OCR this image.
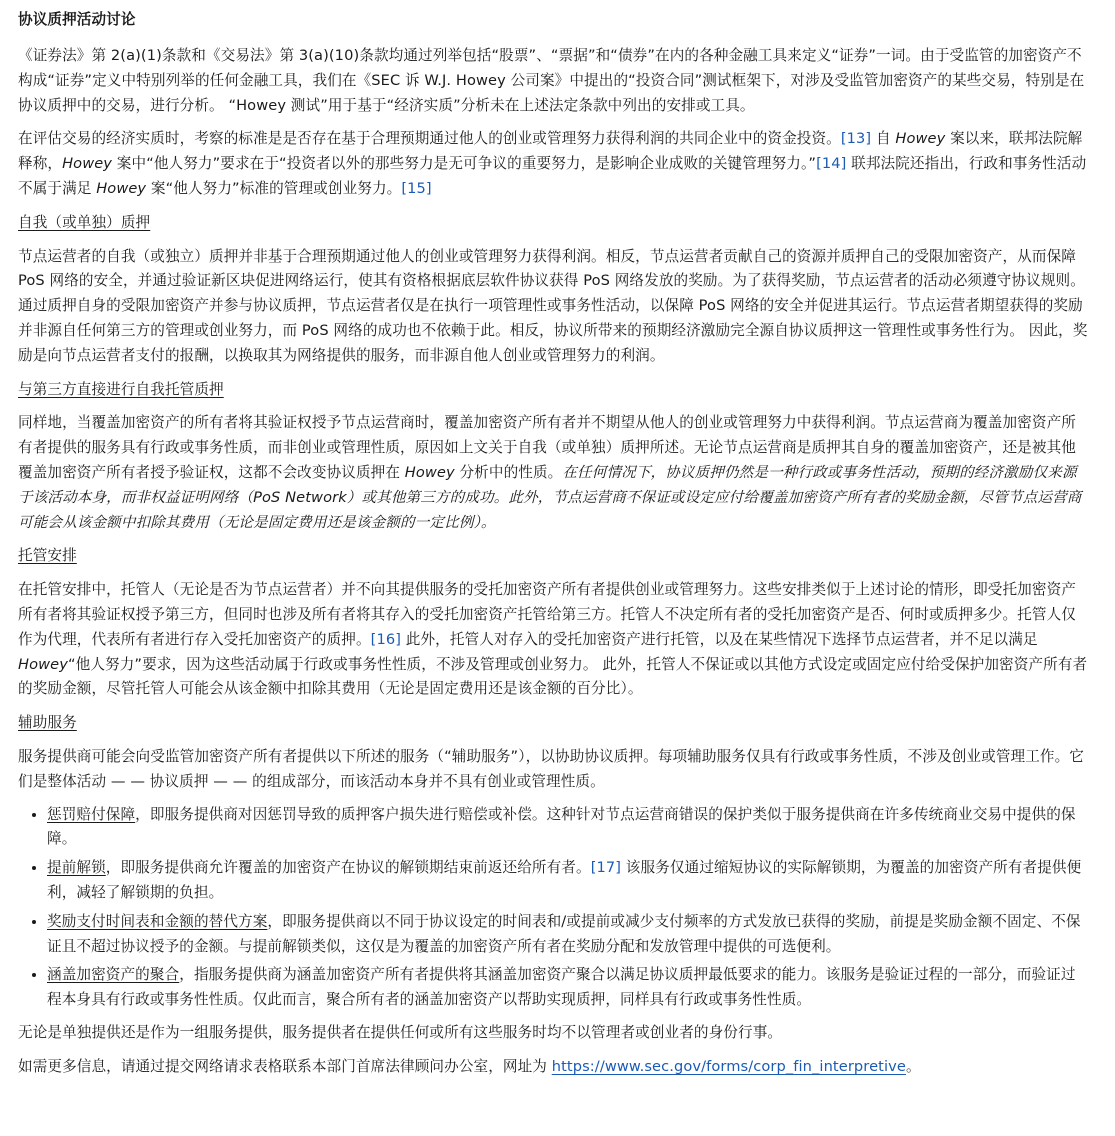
协议质押活动讨论

《证券法》第 2(a)(1)条款和《交易法》第 3(a)(10)条款均通过列举包括“股票”、“票据”和“债券”在内的各种金融工具来定义“证券”一词。由于受监管的加密资产不构成“证券”定义中特别列举的任何金融工具，我们在《SEC 诉 W.J. Howey 公司案》中提出的“投资合同”测试框架下，对涉及受监管加密资产的某些交易，特别是在协议质押中的交易，进行分析。 “Howey 测试”用于基于“经济实质”分析未在上述法定条款中列出的安排或工具。

在评估交易的经济实质时，考察的标准是是否存在基于合理预期通过他人的创业或管理努力获得利润的共同企业中的资金投资。[13] 自 Howey 案以来，联邦法院解释称，Howey 案中“他人努力”要求在于“投资者以外的那些努力是无可争议的重要努力，是影响企业成败的关键管理努力。”[14] 联邦法院还指出，行政和事务性活动不属于满足 Howey 案“他人努力”标准的管理或创业努力。[15]

自我（或单独）质押

节点运营者的自我（或独立）质押并非基于合理预期通过他人的创业或管理努力获得利润。相反，节点运营者贡献自己的资源并质押自己的受限加密资产，从而保障 PoS 网络的安全，并通过验证新区块促进网络运行，使其有资格根据底层软件协议获得 PoS 网络发放的奖励。为了获得奖励，节点运营者的活动必须遵守协议规则。通过质押自身的受限加密资产并参与协议质押，节点运营者仅是在执行一项管理性或事务性活动，以保障 PoS 网络的安全并促进其运行。节点运营者期望获得的奖励并非源自任何第三方的管理或创业努力，而 PoS 网络的成功也不依赖于此。相反，协议所带来的预期经济激励完全源自协议质押这一管理性或事务性行为。 因此，奖励是向节点运营者支付的报酬，以换取其为网络提供的服务，而非源自他人创业或管理努力的利润。

与第三方直接进行自我托管质押

同样地，当覆盖加密资产的所有者将其验证权授予节点运营商时，覆盖加密资产所有者并不期望从他人的创业或管理努力中获得利润。节点运营商为覆盖加密资产所有者提供的服务具有行政或事务性质，而非创业或管理性质，原因如上文关于自我（或单独）质押所述。无论节点运营商是质押其自身的覆盖加密资产，还是被其他覆盖加密资产所有者授予验证权，这都不会改变协议质押在 Howey 分析中的性质。在任何情况下，协议质押仍然是一种行政或事务性活动，预期的经济激励仅来源于该活动本身，而非权益证明网络（PoS Network）或其他第三方的成功。此外，节点运营商不保证或设定应付给覆盖加密资产所有者的奖励金额，尽管节点运营商可能会从该金额中扣除其费用（无论是固定费用还是该金额的一定比例）。

托管安排

在托管安排中，托管人（无论是否为节点运营者）并不向其提供服务的受托加密资产所有者提供创业或管理努力。这些安排类似于上述讨论的情形，即受托加密资产所有者将其验证权授予第三方，但同时也涉及所有者将其存入的受托加密资产托管给第三方。托管人不决定所有者的受托加密资产是否、何时或质押多少。托管人仅作为代理，代表所有者进行存入受托加密资产的质押。[16] 此外，托管人对存入的受托加密资产进行托管，以及在某些情况下选择节点运营者，并不足以满足 Howey“他人努力”要求，因为这些活动属于行政或事务性性质，不涉及管理或创业努力。 此外，托管人不保证或以其他方式设定或固定应付给受保护加密资产所有者的奖励金额，尽管托管人可能会从该金额中扣除其费用（无论是固定费用还是该金额的百分比）。

辅助服务

服务提供商可能会向受监管加密资产所有者提供以下所述的服务（“辅助服务”），以协助协议质押。每项辅助服务仅具有行政或事务性质，不涉及创业或管理工作。它们是整体活动 — — 协议质押 — — 的组成部分，而该活动本身并不具有创业或管理性质。

• 惩罚赔付保障，即服务提供商对因惩罚导致的质押客户损失进行赔偿或补偿。这种针对节点运营商错误的保护类似于服务提供商在许多传统商业交易中提供的保障。
• 提前解锁，即服务提供商允许覆盖的加密资产在协议的解锁期结束前返还给所有者。[17] 该服务仅通过缩短协议的实际解锁期，为覆盖的加密资产所有者提供便利，减轻了解锁期的负担。
• 奖励支付时间表和金额的替代方案，即服务提供商以不同于协议设定的时间表和/或提前或减少支付频率的方式发放已获得的奖励，前提是奖励金额不固定、不保证且不超过协议授予的金额。与提前解锁类似，这仅是为覆盖的加密资产所有者在奖励分配和发放管理中提供的可选便利。
• 涵盖加密资产的聚合，指服务提供商为涵盖加密资产所有者提供将其涵盖加密资产聚合以满足协议质押最低要求的能力。该服务是验证过程的一部分，而验证过程本身具有行政或事务性性质。仅此而言，聚合所有者的涵盖加密资产以帮助实现质押，同样具有行政或事务性性质。

无论是单独提供还是作为一组服务提供，服务提供者在提供任何或所有这些服务时均不以管理者或创业者的身份行事。

如需更多信息，请通过提交网络请求表格联系本部门首席法律顾问办公室，网址为 https://www.sec.gov/forms/corp_fin_interpretive。
